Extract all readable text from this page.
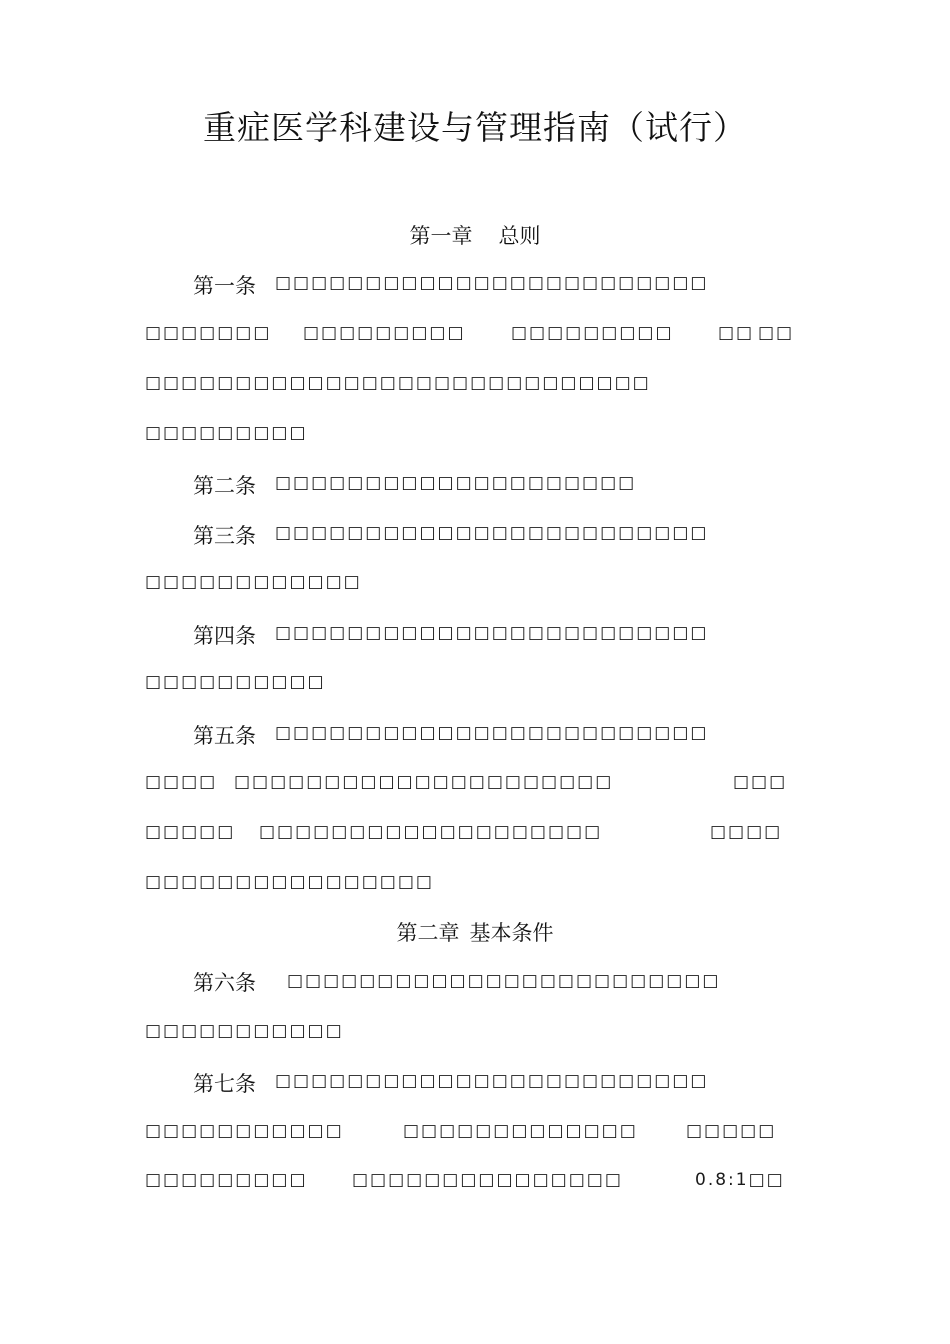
重症医学科建设与管理指南（试行）
第一章 总则
第一条 □□□□□□□□□□□□□□□□□□□□□□□□
□□□□□□□ □□□□□□□□□	□□□□□□□□□	□□ □□
□□□□□□□□□□□□□□□□□□□□□□□□□□□□
□□□□□□□□□
第二条 □□□□□□□□□□□□□□□□□□□□
第三条 □□□□□□□□□□□□□□□□□□□□□□□□
□□□□□□□□□□□□
第四条 □□□□□□□□□□□□□□□□□□□□□□□□
□□□□□□□□□□
第五条 □□□□□□□□□□□□□□□□□□□□□□□□
□□□□ □□□□□□□□□□□□□□□□□□□□□	□□□
□□□□□ □□□□□□□□□□□□□□□□□□□	□□□□
□□□□□□□□□□□□□□□□
第二章 基本条件
第六条 □□□□□□□□□□□□□□□□□□□□□□□□
□□□□□□□□□□□
第七条 □□□□□□□□□□□□□□□□□□□□□□□□
□□□□□□□□□□□	□□□□□□□□□□□□□	□□□□□
□□□□□□□□□	□□□□□□□□□□□□□□□	0.8:1□□
